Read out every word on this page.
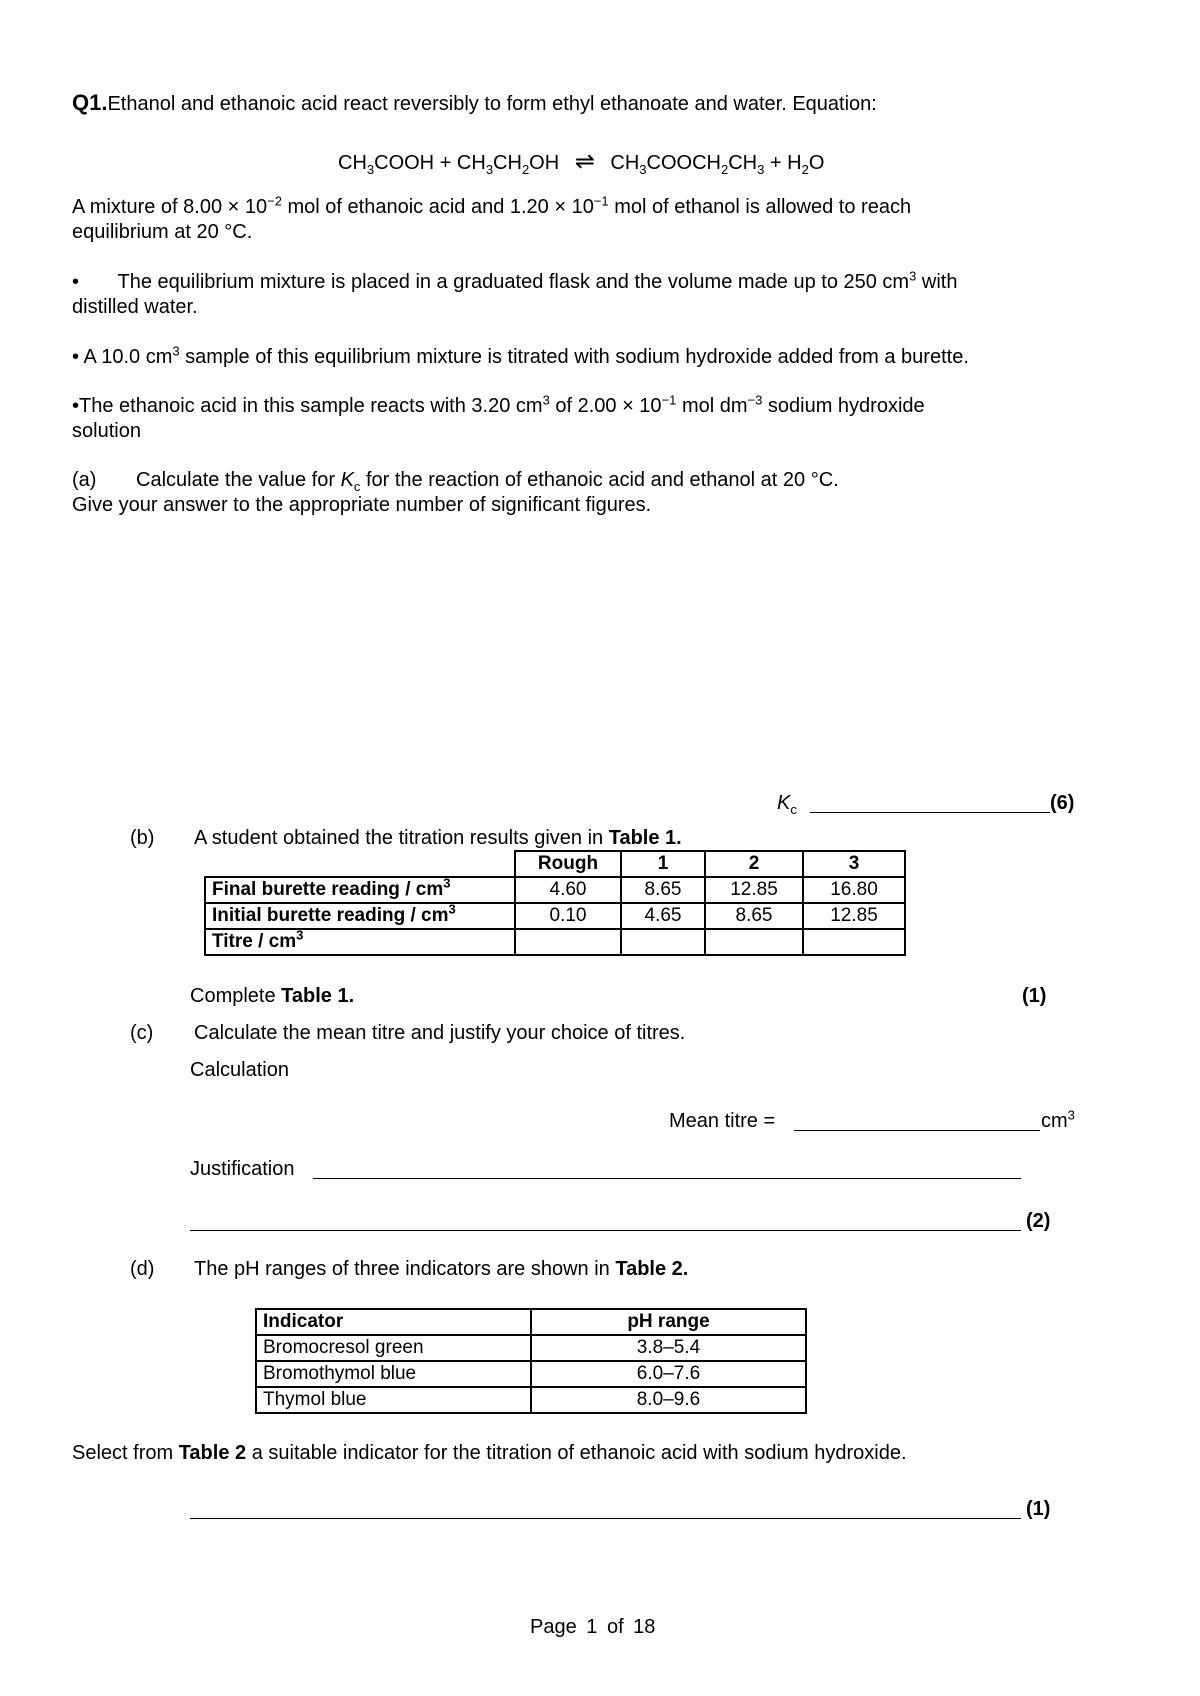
Q1.Ethanol and ethanoic acid react reversibly to form ethyl ethanoate and water. Equation:
$CH_3COOH + CH_3CH_2OH$ ⇌ $CH_3COOCH_2CH_3 + H_2O$
A mixture of $8.00 \times 10^{-2}$ mol of ethanoic acid and $1.20 \times 10^{-1}$ mol of ethanol is allowed to reach
equilibrium at 20 °C.
•       The equilibrium mixture is placed in a graduated flask and the volume made up to 250 $cm^3$ with
distilled water.
• A 10.0 $cm^3$ sample of this equilibrium mixture is titrated with sodium hydroxide added from a burette.
•The ethanoic acid in this sample reacts with 3.20 $cm^3$ of $2.00 \times 10^{-1}$ mol $dm^{-3}$ sodium hydroxide
solution
(a) Calculate the value for $K_c$ for the reaction of ethanoic acid and ethanol at 20 °C.
Give your answer to the appropriate number of significant figures.
$K_c$	(6)
(b) A student obtained the titration results given in Table 1.
	Rough	1	2	3
Final burette reading / $cm^3$	4.60	8.65	12.85	16.80
Initial burette reading / $cm^3$	0.10	4.65	8.65	12.85
Titre / $cm^3$				
Complete Table 1.	(1)
(c) Calculate the mean titre and justify your choice of titres.
Calculation
Mean titre =	$cm^3$
Justification
(2)
(d) The pH ranges of three indicators are shown in Table 2.
Indicator	pH range
Bromocresol green	3.8–5.4
Bromothymol blue	6.0–7.6
Thymol blue	8.0–9.6
Select from Table 2 a suitable indicator for the titration of ethanoic acid with sodium hydroxide.
(1)
Page 1 of 18
